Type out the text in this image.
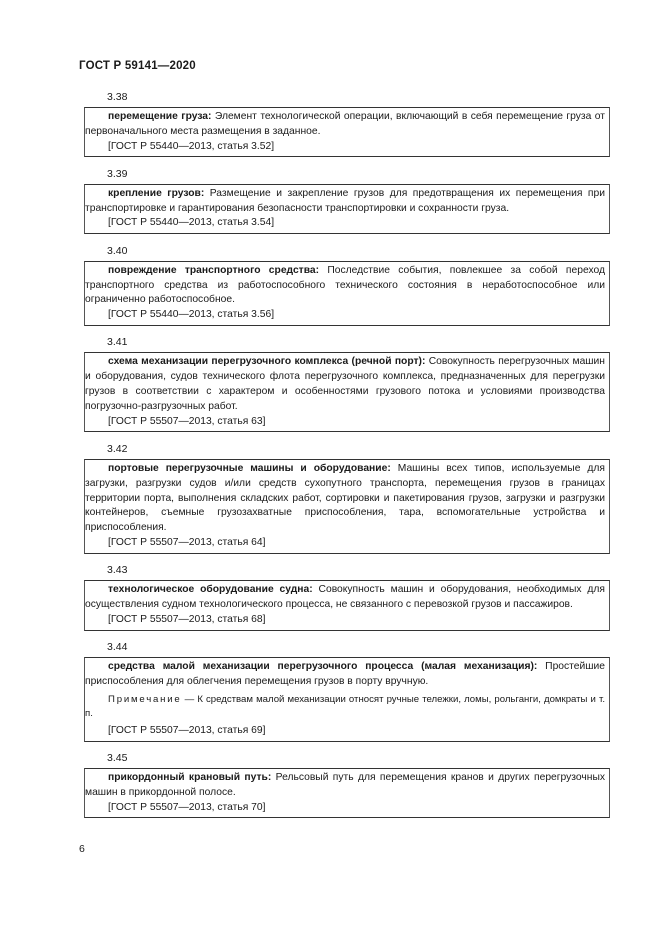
ГОСТ Р 59141—2020
3.38

перемещение груза: Элемент технологической операции, включающий в себя перемещение груза от первоначального места размещения в заданное.

[ГОСТ Р 55440—2013, статья 3.52]

3.39

крепление грузов: Размещение и закрепление грузов для предотвращения их перемещения при транспортировке и гарантирования безопасности транспортировки и сохранности груза.

[ГОСТ Р 55440—2013, статья 3.54]

3.40

повреждение транспортного средства: Последствие события, повлекшее за собой переход транспортного средства из работоспособного технического состояния в неработоспособное или ограниченно работоспособное.

[ГОСТ Р 55440—2013, статья 3.56]

3.41

схема механизации перегрузочного комплекса (речной порт): Совокупность перегрузочных машин и оборудования, судов технического флота перегрузочного комплекса, предназначенных для перегрузки грузов в соответствии с характером и особенностями грузового потока и условиями производства погрузочно-разгрузочных работ.

[ГОСТ Р 55507—2013, статья 63]

3.42

портовые перегрузочные машины и оборудование: Машины всех типов, используемые для загрузки, разгрузки судов и/или средств сухопутного транспорта, перемещения грузов в границах территории порта, выполнения складских работ, сортировки и пакетирования грузов, загрузки и разгрузки контейнеров, съемные грузозахватные приспособления, тара, вспомогательные устройства и приспособления.

[ГОСТ Р 55507—2013, статья 64]

3.43

технологическое оборудование судна: Совокупность машин и оборудования, необходимых для осуществления судном технологического процесса, не связанного с перевозкой грузов и пассажиров.

[ГОСТ Р 55507—2013, статья 68]

3.44

средства малой механизации перегрузочного процесса (малая механизация): Простейшие приспособления для облегчения перемещения грузов в порту вручную.

Примечание — К средствам малой механизации относят ручные тележки, ломы, рольганги, домкраты и т. п.

[ГОСТ Р 55507—2013, статья 69]

3.45

прикордонный крановый путь: Рельсовый путь для перемещения кранов и других перегрузочных машин в прикордонной полосе.

[ГОСТ Р 55507—2013, статья 70]

6
